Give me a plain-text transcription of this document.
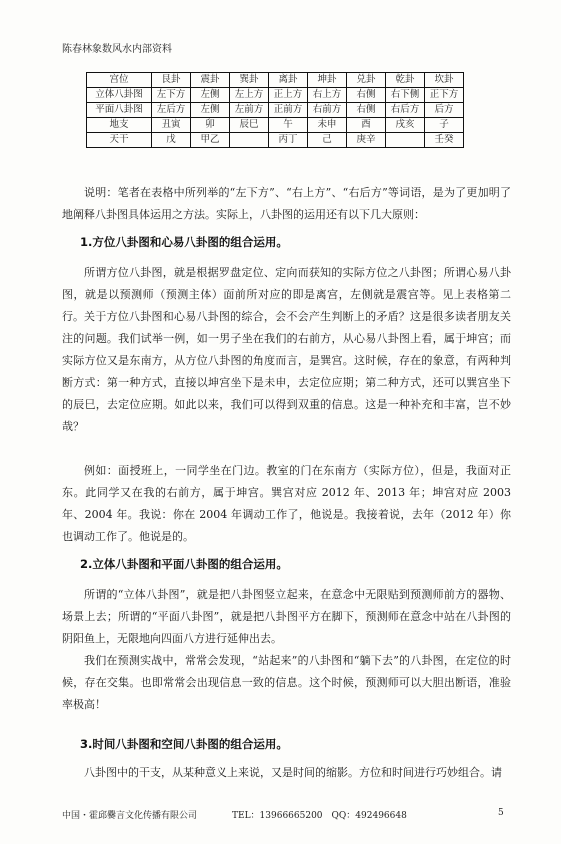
陈春林象数风水内部资料
宫位	艮卦	震卦	巽卦	离卦	坤卦	兑卦	乾卦	坎卦
立体八卦图	左下方	左侧	左上方	正上方	右上方	右侧	右下侧	正下方
平面八卦图	左后方	左侧	左前方	正前方	右前方	右侧	右后方	后方
地支	丑寅	卯	辰巳	午	未申	酉	戌亥	子
天干	戊	甲乙		丙丁	己	庚辛		壬癸
说明：笔者在表格中所列举的“左下方”、“右上方”、“右后方”等词语，是为了更加明了地阐释八卦图具体运用之方法。实际上，八卦图的运用还有以下几大原则：
1.方位八卦图和心易八卦图的组合运用。
所谓方位八卦图，就是根据罗盘定位、定向而获知的实际方位之八卦图；所谓心易八卦图，就是以预测师（预测主体）面前所对应的即是离宫，左侧就是震宫等。见上表格第二行。 关于方位八卦图和心易八卦图的综合，会不会产生判断上的矛盾？这是很多读者朋友关注的问题。我们试举一例，如一男子坐在我们的右前方，从心易八卦图上看，属于坤宫；而实际方位又是东南方，从方位八卦图的角度而言，是巽宫。这时候，存在的象意，有两种判断方式：第一种方式，直接以坤宫坐下是未申，去定位应期；第二种方式，还可以巽宫坐下的辰巳，去定位应期。如此以来，我们可以得到双重的信息。这是一种补充和丰富，岂不妙哉？
例如：面授班上，一同学坐在门边。教室的门在东南方（实际方位），但是，我面对正东。此同学又在我的右前方，属于坤宫。巽宫对应 2012 年、2013 年；坤宫对应 2003 年、2004 年。我说：你在 2004 年调动工作了，他说是。我接着说，去年（2012 年）你也调动工作了。他说是的。
2.立体八卦图和平面八卦图的组合运用。
所谓的“立体八卦图”，就是把八卦图竖立起来，在意念中无限贴到预测师前方的器物、场景上去；所谓的“平面八卦图”，就是把八卦图平方在脚下，预测师在意念中站在八卦图的阴阳鱼上，无限地向四面八方进行延伸出去。
我们在预测实战中，常常会发现，“站起来”的八卦图和“躺下去”的八卦图，在定位的时候，存在交集。也即常常会出现信息一致的信息。这个时候，预测师可以大胆出断语，准验率极高！
3.时间八卦图和空间八卦图的组合运用。
八卦图中的干支，从某种意义上来说，又是时间的缩影。方位和时间进行巧妙组合。请
中国・霍邱爨言文化传播有限公司	TEL：13966665200　QQ：492496648	5
